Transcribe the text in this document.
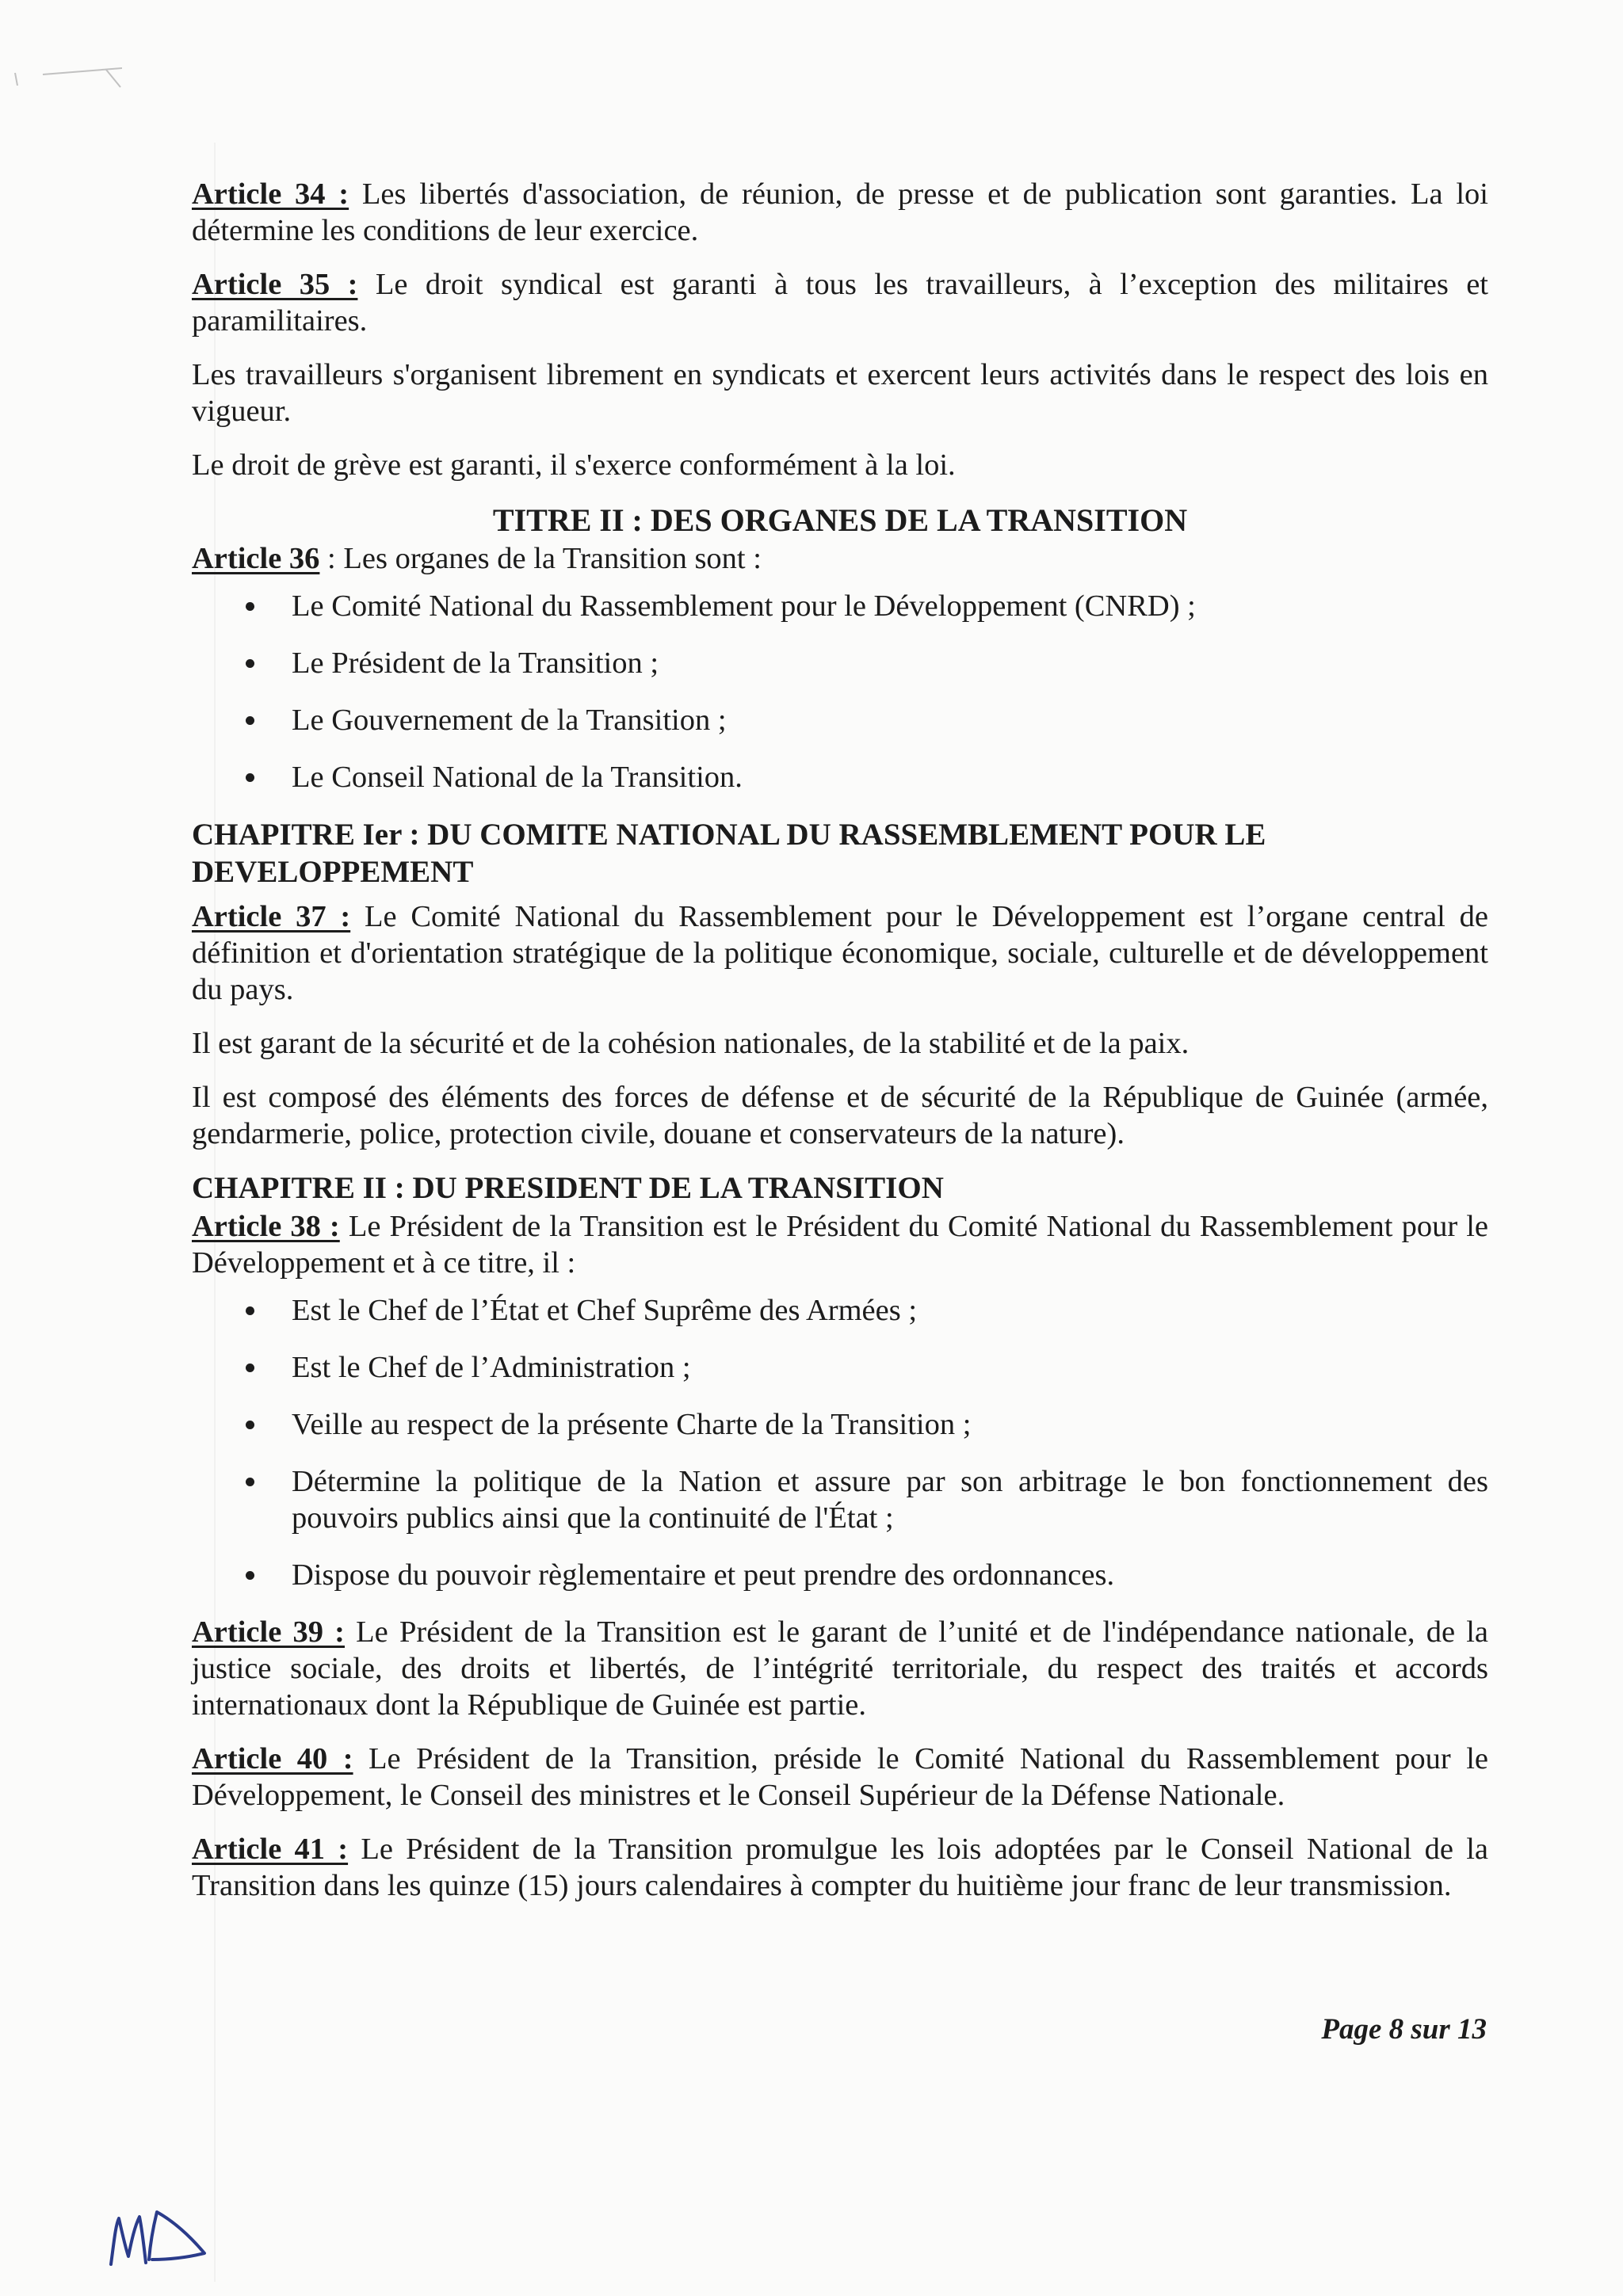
Article 34 : Les libertés d'association, de réunion, de presse et de publication sont garanties. La loi détermine les conditions de leur exercice.

Article 35 : Le droit syndical est garanti à tous les travailleurs, à l’exception des militaires et paramilitaires.

Les travailleurs s'organisent librement en syndicats et exercent leurs activités dans le respect des lois en vigueur.

Le droit de grève est garanti, il s'exerce conformément à la loi.

TITRE II : DES ORGANES DE LA TRANSITION

Article 36 : Les organes de la Transition sont :

Le Comité National du Rassemblement pour le Développement (CNRD) ;
Le Président de la Transition ;
Le Gouvernement de la Transition ;
Le Conseil National de la Transition.
CHAPITRE Ier : DU COMITE NATIONAL DU RASSEMBLEMENT POUR LE DEVELOPPEMENT

Article 37 : Le Comité National du Rassemblement pour le Développement est l’organe central de définition et d'orientation stratégique de la politique économique, sociale, culturelle et de développement du pays.

Il est garant de la sécurité et de la cohésion nationales, de la stabilité et de la paix.

Il est composé des éléments des forces de défense et de sécurité de la République de Guinée (armée, gendarmerie, police, protection civile, douane et conservateurs de la nature).

CHAPITRE II : DU PRESIDENT DE LA TRANSITION

Article 38 : Le Président de la Transition est le Président du Comité National du Rassemblement pour le Développement et à ce titre, il :

Est le Chef de l’État et Chef Suprême des Armées ;
Est le Chef de l’Administration ;
Veille au respect de la présente Charte de la Transition ;
Détermine la politique de la Nation et assure par son arbitrage le bon fonctionnement des pouvoirs publics ainsi que la continuité de l'État ;
Dispose du pouvoir règlementaire et peut prendre des ordonnances.

Article 39 : Le Président de la Transition est le garant de l’unité et de l'indépendance nationale, de la justice sociale, des droits et libertés, de l’intégrité territoriale, du respect des traités et accords internationaux dont la République de Guinée est partie.

Article 40 : Le Président de la Transition, préside le Comité National du Rassemblement pour le Développement, le Conseil des ministres et le Conseil Supérieur de la Défense Nationale.

Article 41 : Le Président de la Transition promulgue les lois adoptées par le Conseil National de la Transition dans les quinze (15) jours calendaires à compter du huitième jour franc de leur transmission.

Page 8 sur 13
